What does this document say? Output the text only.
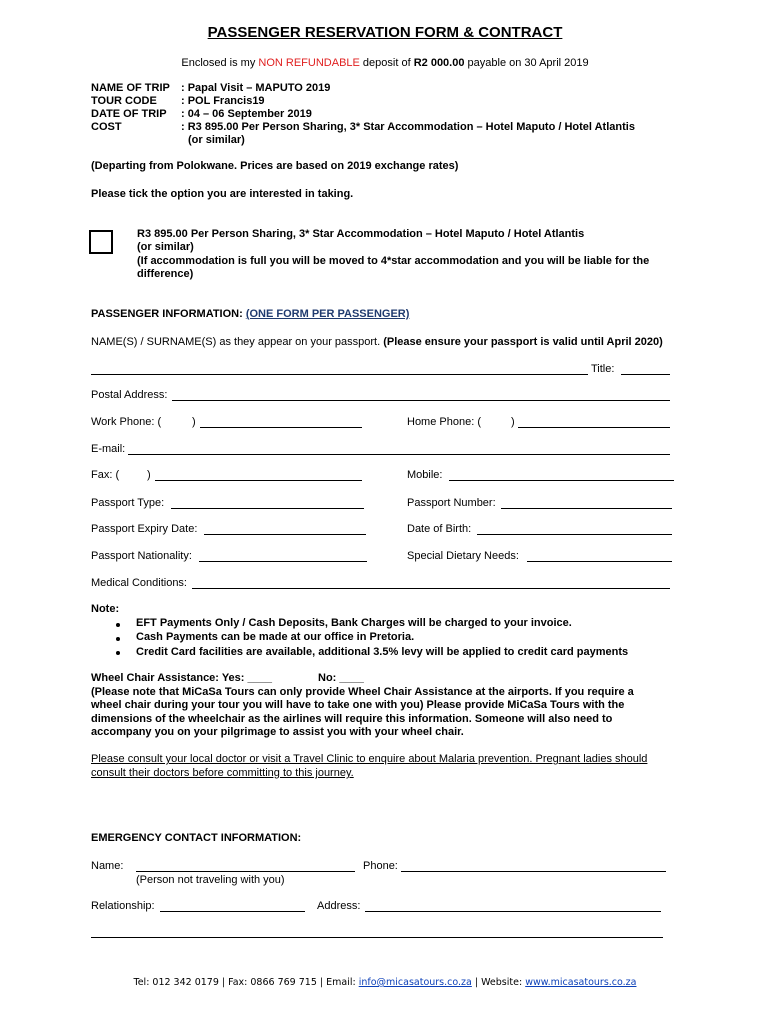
PASSENGER RESERVATION FORM & CONTRACT
Enclosed is my NON REFUNDABLE deposit of R2 000.00 payable on 30 April 2019
NAME OF TRIP : Papal Visit – MAPUTO 2019
TOUR CODE : POL Francis19
DATE OF TRIP : 04 – 06 September 2019
COST	: R3 895.00 Per Person Sharing, 3* Star Accommodation – Hotel Maputo / Hotel Atlantis
(or similar)
(Departing from Polokwane. Prices are based on 2019 exchange rates)
Please tick the option you are interested in taking.
R3 895.00 Per Person Sharing, 3* Star Accommodation – Hotel Maputo / Hotel Atlantis
(or similar)
(If accommodation is full you will be moved to 4*star accommodation and you will be liable for the
difference)
PASSENGER INFORMATION: (ONE FORM PER PASSENGER)
NAME(S) / SURNAME(S) as they appear on your passport. (Please ensure your passport is valid until April 2020)
Title:
Postal Address:
Work Phone: (	)	Home Phone: (	)
E-mail:
Fax: (	)	Mobile:
Passport Type:	Passport Number:
Passport Expiry Date:	Date of Birth:
Passport Nationality:	Special Dietary Needs:
Medical Conditions:
Note:
EFT Payments Only / Cash Deposits, Bank Charges will be charged to your invoice.
Cash Payments can be made at our office in Pretoria.
Credit Card facilities are available, additional 3.5% levy will be applied to credit card payments
Wheel Chair Assistance: Yes: ____	No: ____
(Please note that MiCaSa Tours can only provide Wheel Chair Assistance at the airports. If you require a
wheel chair during your tour you will have to take one with you) Please provide MiCaSa Tours with the
dimensions of the wheelchair as the airlines will require this information. Someone will also need to
accompany you on your pilgrimage to assist you with your wheel chair.
Please consult your local doctor or visit a Travel Clinic to enquire about Malaria prevention. Pregnant ladies should
consult their doctors before committing to this journey.
EMERGENCY CONTACT INFORMATION:
Name:	Phone:
(Person not traveling with you)
Relationship:	Address:
Tel: 012 342 0179 | Fax: 0866 769 715 | Email: info@micasatours.co.za | Website: www.micasatours.co.za
